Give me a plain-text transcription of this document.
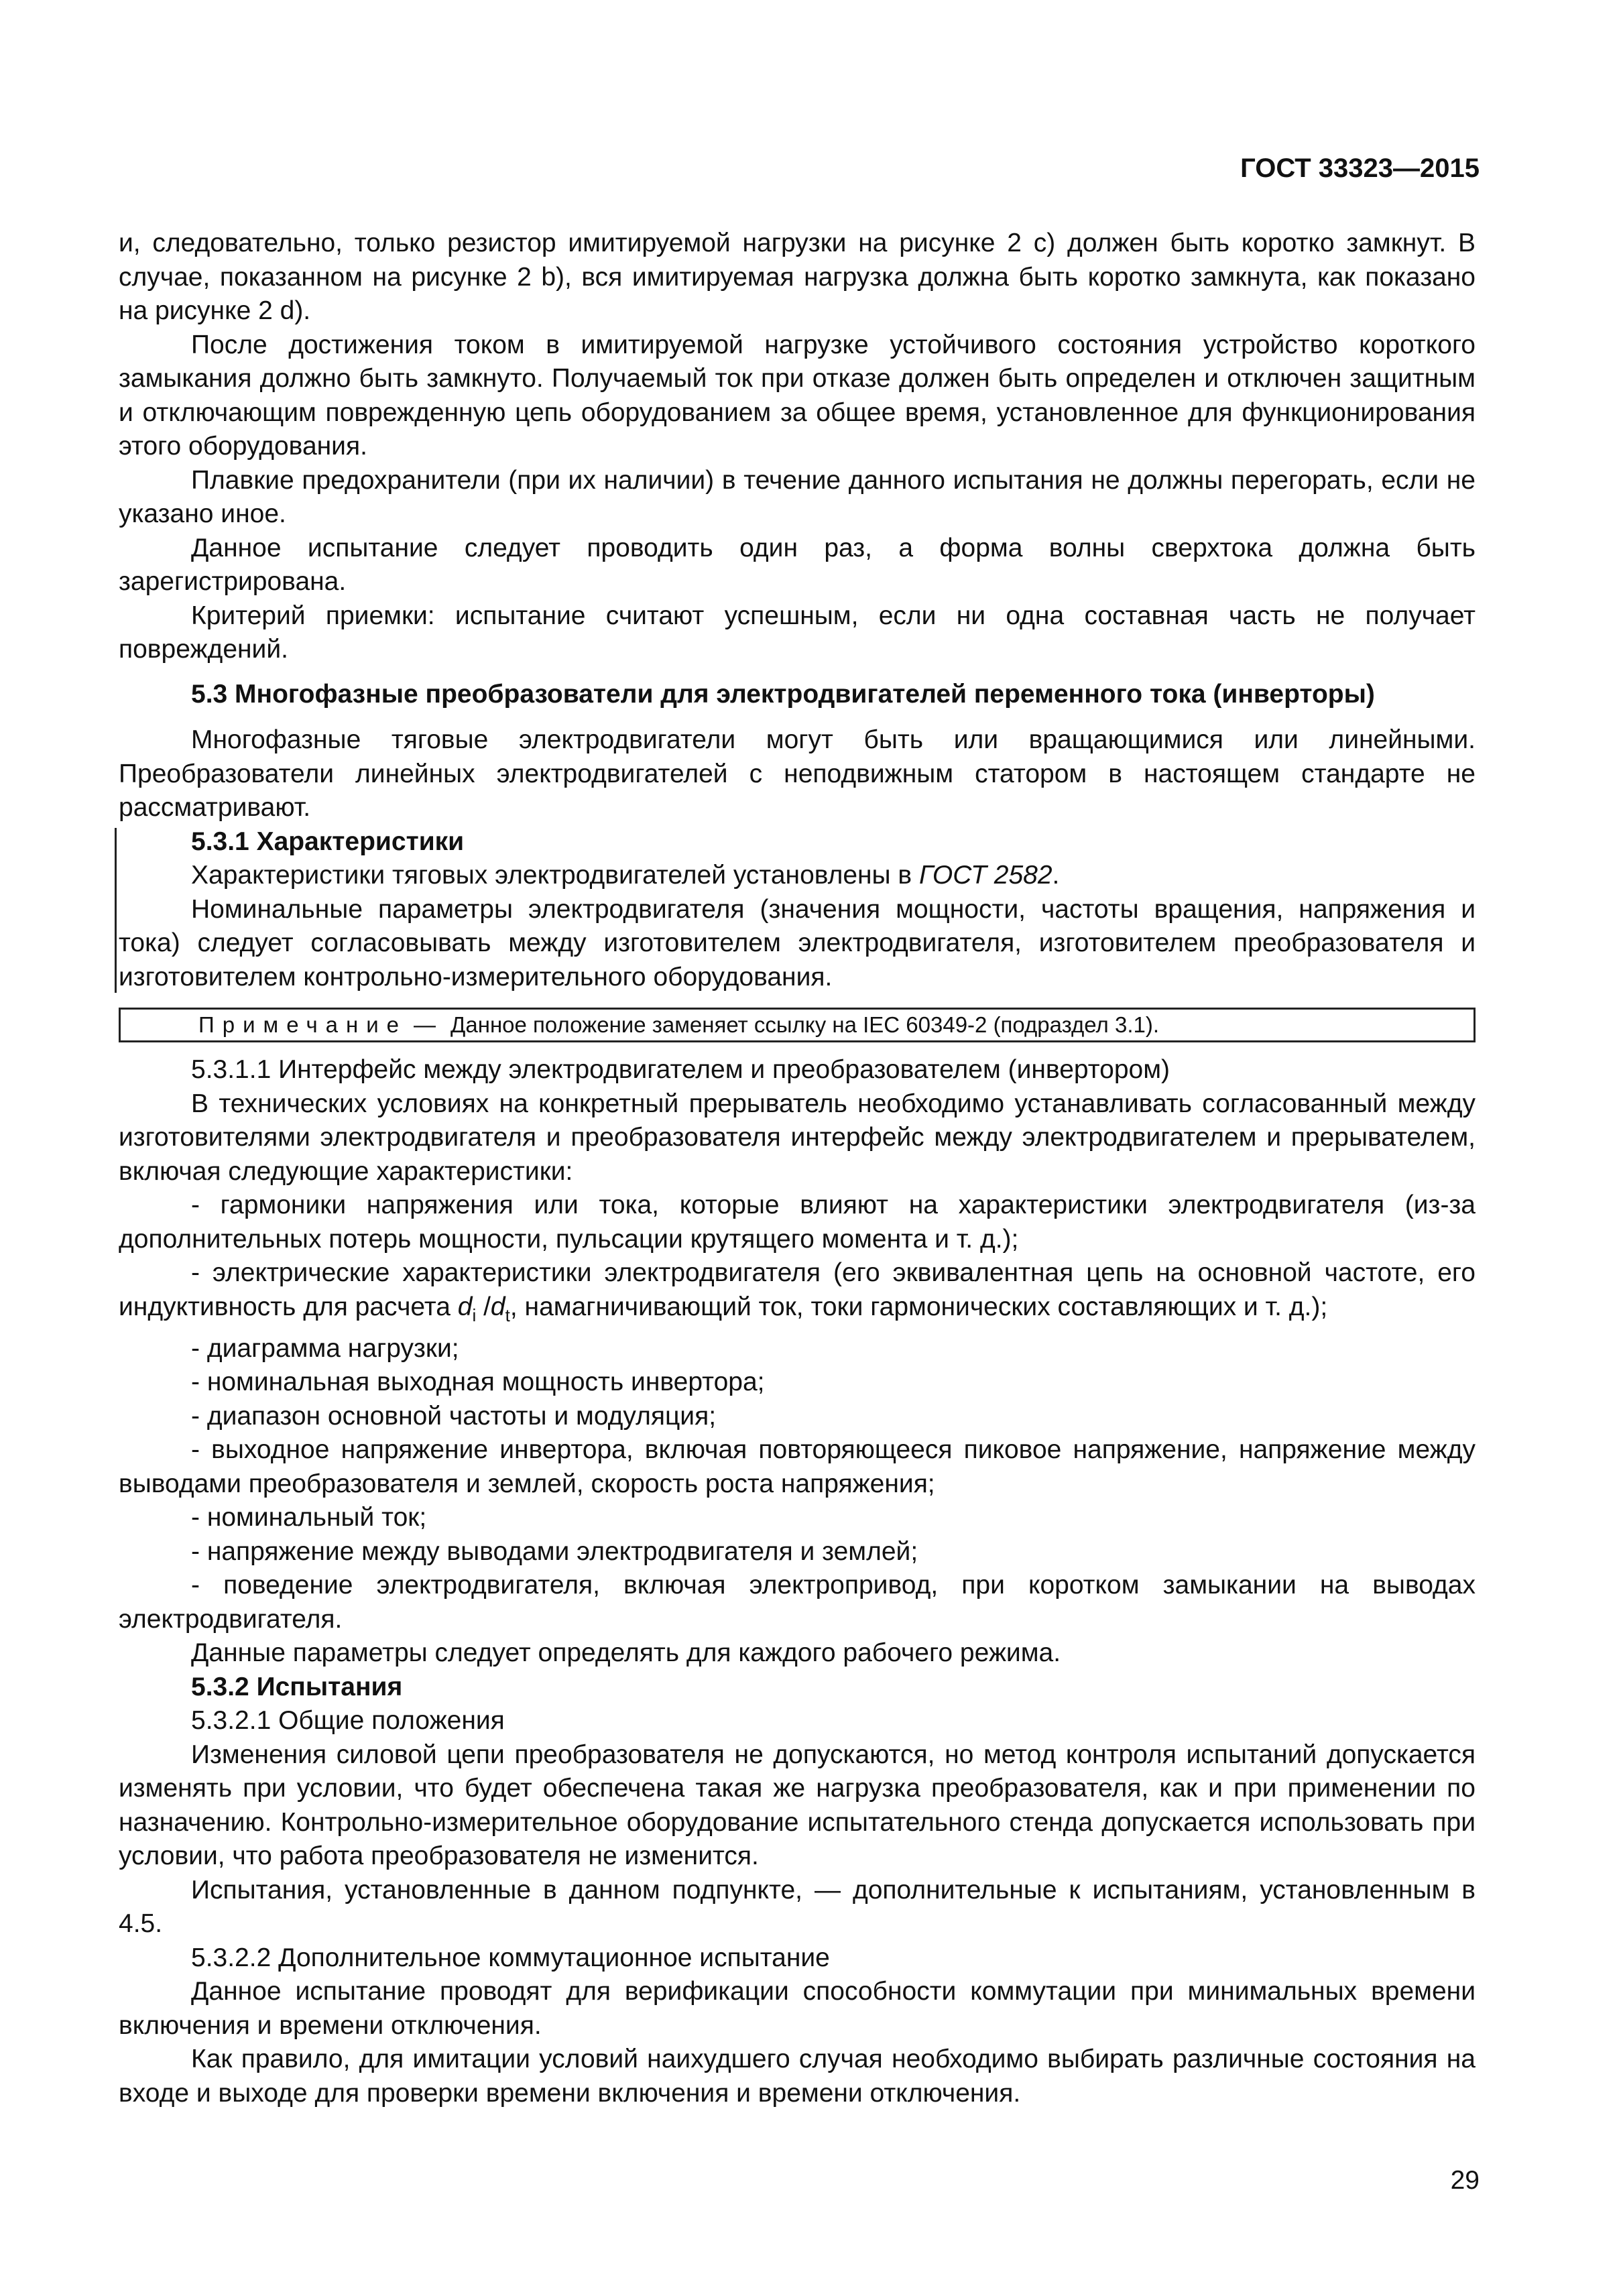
ГОСТ 33323—2015

и, следовательно, только резистор имитируемой нагрузки на рисунке 2 c) должен быть коротко замкнут. В случае, показанном на рисунке 2 b), вся имитируемая нагрузка должна быть коротко замкнута, как показано на рисунке 2 d).

После достижения током в имитируемой нагрузке устойчивого состояния устройство короткого замыкания должно быть замкнуто. Получаемый ток при отказе должен быть определен и отключен защитным и отключающим поврежденную цепь оборудованием за общее время, установленное для функционирования этого оборудования.

Плавкие предохранители (при их наличии) в течение данного испытания не должны перегорать, если не указано иное.

Данное испытание следует проводить один раз, а форма волны сверхтока должна быть зарегистрирована.

Критерий приемки: испытание считают успешным, если ни одна составная часть не получает повреждений.

5.3 Многофазные преобразователи для электродвигателей переменного тока (инверторы)

Многофазные тяговые электродвигатели могут быть или вращающимися или линейными. Преобразователи линейных электродвигателей с неподвижным статором в настоящем стандарте не рассматривают.

5.3.1 Характеристики

Характеристики тяговых электродвигателей установлены в ГОСТ 2582.

Номинальные параметры электродвигателя (значения мощности, частоты вращения, напряжения и тока) следует согласовывать между изготовителем электродвигателя, изготовителем преобразователя и изготовителем контрольно-измерительного оборудования.

Примечание — Данное положение заменяет ссылку на IEC 60349-2 (подраздел 3.1).

5.3.1.1 Интерфейс между электродвигателем и преобразователем (инвертором)

В технических условиях на конкретный прерыватель необходимо устанавливать согласованный между изготовителями электродвигателя и преобразователя интерфейс между электродвигателем и прерывателем, включая следующие характеристики:

- гармоники напряжения или тока, которые влияют на характеристики электродвигателя (из-за дополнительных потерь мощности, пульсации крутящего момента и т. д.);

- электрические характеристики электродвигателя (его эквивалентная цепь на основной частоте, его индуктивность для расчета $d_i$ $/d_t$, намагничивающий ток, токи гармонических составляющих и т. д.);

- диаграмма нагрузки;

- номинальная выходная мощность инвертора;

- диапазон основной частоты и модуляция;

- выходное напряжение инвертора, включая повторяющееся пиковое напряжение, напряжение между выводами преобразователя и землей, скорость роста напряжения;

- номинальный ток;

- напряжение между выводами электродвигателя и землей;

- поведение электродвигателя, включая электропривод, при коротком замыкании на выводах электродвигателя.

Данные параметры следует определять для каждого рабочего режима.

5.3.2 Испытания

5.3.2.1 Общие положения

Изменения силовой цепи преобразователя не допускаются, но метод контроля испытаний допускается изменять при условии, что будет обеспечена такая же нагрузка преобразователя, как и при применении по назначению. Контрольно-измерительное оборудование испытательного стенда допускается использовать при условии, что работа преобразователя не изменится.

Испытания, установленные в данном подпункте, — дополнительные к испытаниям, установленным в 4.5.

5.3.2.2 Дополнительное коммутационное испытание

Данное испытание проводят для верификации способности коммутации при минимальных времени включения и времени отключения.

Как правило, для имитации условий наихудшего случая необходимо выбирать различные состояния на входе и выходе для проверки времени включения и времени отключения.

29
